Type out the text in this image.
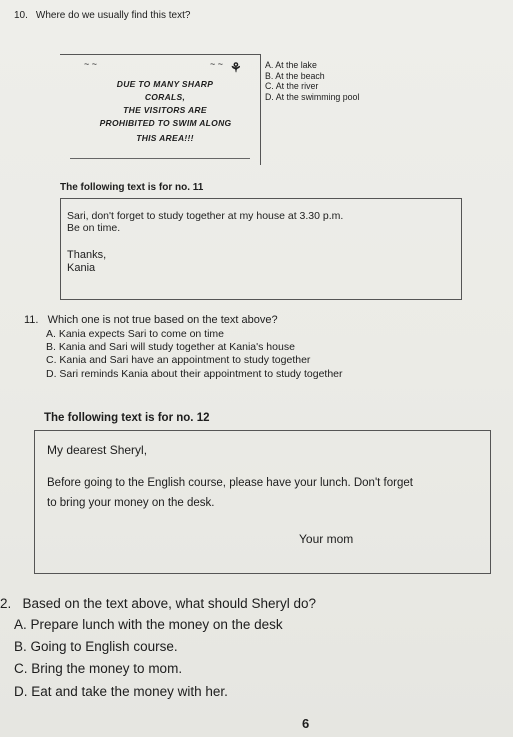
10. Where do we usually find this text?
~ ~	~ ~ ⚘
DUE TO MANY SHARP
CORALS,
THE VISITORS ARE
PROHIBITED TO SWIM ALONG
THIS AREA!!!
A. At the lake
B. At the beach
C. At the river
D. At the swimming pool
The following text is for no. 11
Sari, don't forget to study together at my house at 3.30 p.m.
Be on time.
Thanks,
Kania
11. Which one is not true based on the text above?
A. Kania expects Sari to come on time
B. Kania and Sari will study together at Kania's house
C. Kania and Sari have an appointment to study together
D. Sari reminds Kania about their appointment to study together
The following text is for no. 12
My dearest Sheryl,
Before going to the English course, please have your lunch. Don't forget
to bring your money on the desk.
Your mom
2. Based on the text above, what should Sheryl do?
A. Prepare lunch with the money on the desk
B. Going to English course.
C. Bring the money to mom.
D. Eat and take the money with her.
6
